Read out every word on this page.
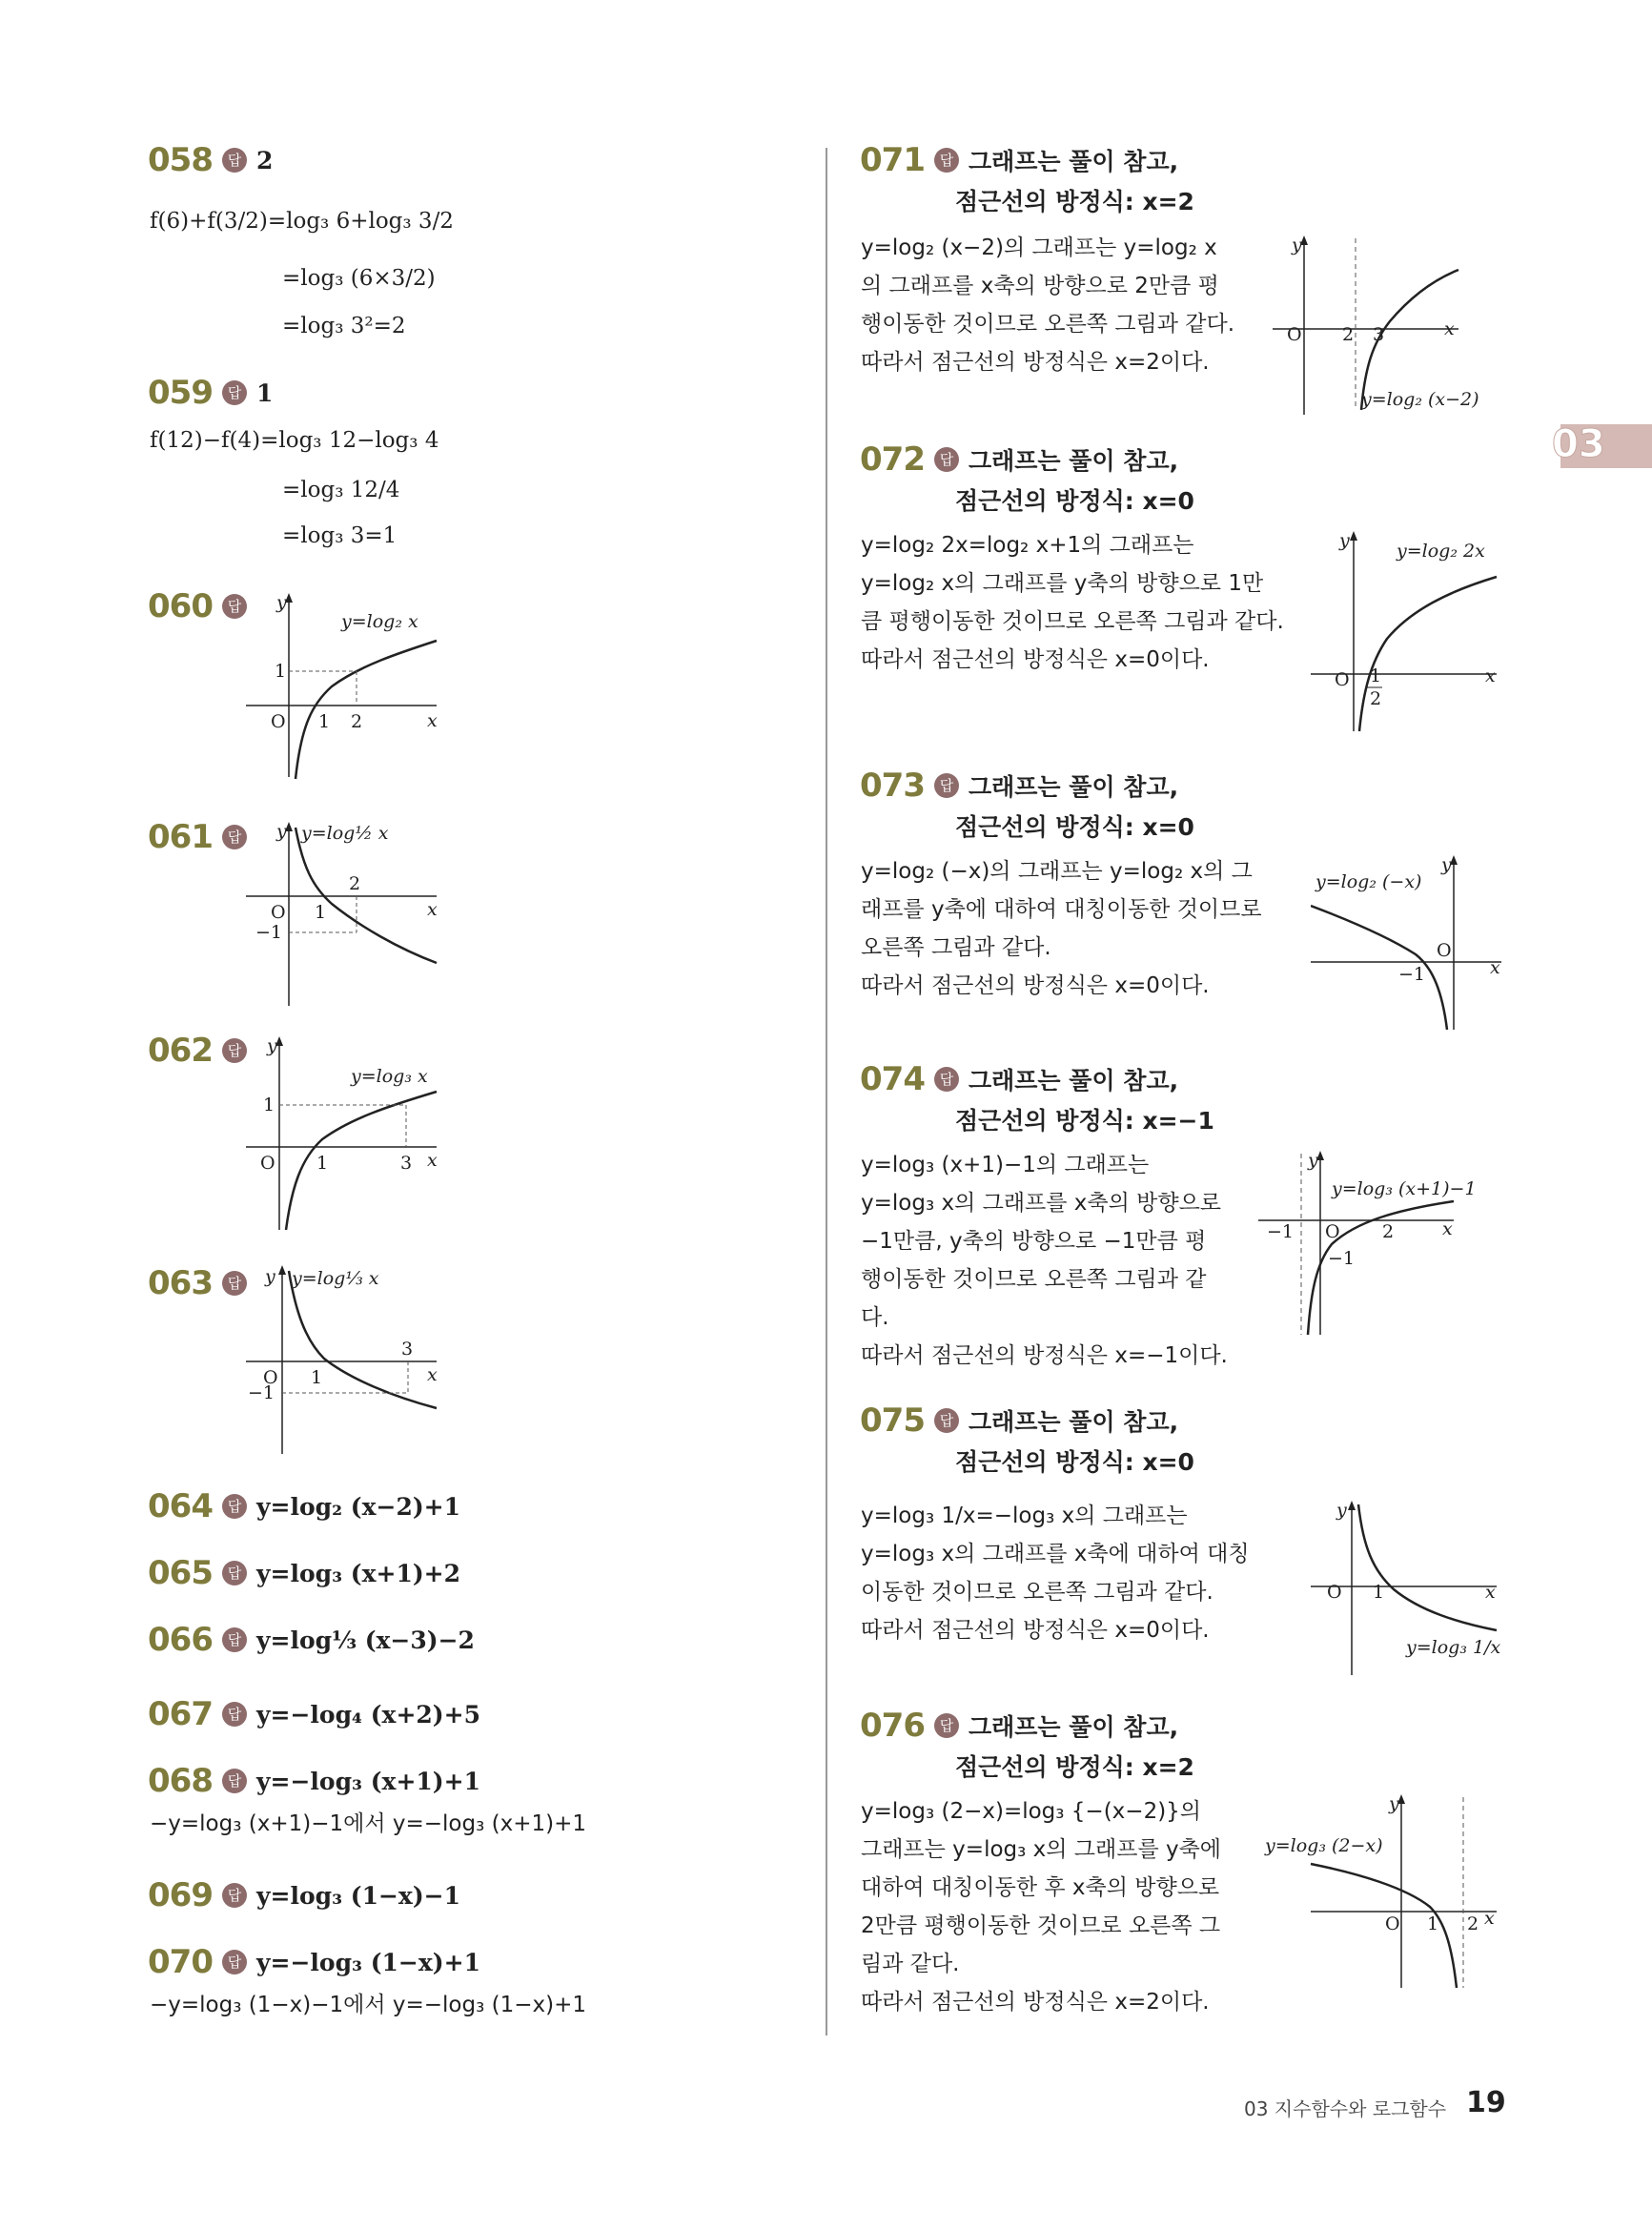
03
058	답 2
f(6)+f(3/2)=log₃ 6+log₃ 3/2
=log₃ (6×3/2)
=log₃ 3²=2
059	답 1
f(12)−f(4)=log₃ 12−log₃ 4
=log₃ 12/4
=log₃ 3=1
060	답	y
x
O
1
1 2
y=log₂ x
061	답	y
x
O 1
2
−1
y=log½ x
062	답	y
x
O
1
1	3
y=log₃ x
063	답	y
x
O 1
3
−1
y=log⅓ x
064	답 y=log₂ (x−2)+1
065	답 y=log₃ (x+1)+2
066	답 y=log⅓ (x−3)−2
067	답 y=−log₄ (x+2)+5
068	답 y=−log₃ (x+1)+1
−y=log₃ (x+1)−1에서 y=−log₃ (x+1)+1
069	답 y=log₃ (1−x)−1
070	답 y=−log₃ (1−x)+1
−y=log₃ (1−x)−1에서 y=−log₃ (1−x)+1
071	답 그래프는 풀이 참고,
점근선의 방정식: x=2
y=log₂ (x−2)의 그래프는 y=log₂ x
의 그래프를 x축의 방향으로 2만큼 평
행이동한 것이므로 오른쪽 그림과 같다.
따라서 점근선의 방정식은 x=2이다.
y
x
O 2 3
y=log₂ (x−2)
072	답 그래프는 풀이 참고,
점근선의 방정식: x=0
y=log₂ 2x=log₂ x+1의 그래프는
y=log₂ x의 그래프를 y축의 방향으로 1만
큼 평행이동한 것이므로 오른쪽 그림과 같다.
따라서 점근선의 방정식은 x=0이다.
y
x
O 1
2
y=log₂ 2x
073	답 그래프는 풀이 참고,
점근선의 방정식: x=0
y=log₂ (−x)의 그래프는 y=log₂ x의 그
래프를 y축에 대하여 대칭이동한 것이므로
오른쪽 그림과 같다.
따라서 점근선의 방정식은 x=0이다.
y
x
O
−1
y=log₂ (−x)
074	답 그래프는 풀이 참고,
점근선의 방정식: x=−1
y=log₃ (x+1)−1의 그래프는
y=log₃ x의 그래프를 x축의 방향으로
−1만큼, y축의 방향으로 −1만큼 평
행이동한 것이므로 오른쪽 그림과 같
다.
따라서 점근선의 방정식은 x=−1이다.
y
x
O
−1	2
−1
y=log₃ (x+1)−1
075	답 그래프는 풀이 참고,
점근선의 방정식: x=0
y=log₃ 1/x=−log₃ x의 그래프는
y=log₃ x의 그래프를 x축에 대하여 대칭
이동한 것이므로 오른쪽 그림과 같다.
따라서 점근선의 방정식은 x=0이다.
y
x
O 1
y=log₃ 1/x
076	답 그래프는 풀이 참고,
점근선의 방정식: x=2
y=log₃ (2−x)=log₃ {−(x−2)}의
그래프는 y=log₃ x의 그래프를 y축에
대하여 대칭이동한 후 x축의 방향으로
2만큼 평행이동한 것이므로 오른쪽 그
림과 같다.
따라서 점근선의 방정식은 x=2이다.
y
x
O 1 2
y=log₃ (2−x)
03 지수함수와 로그함수 19
